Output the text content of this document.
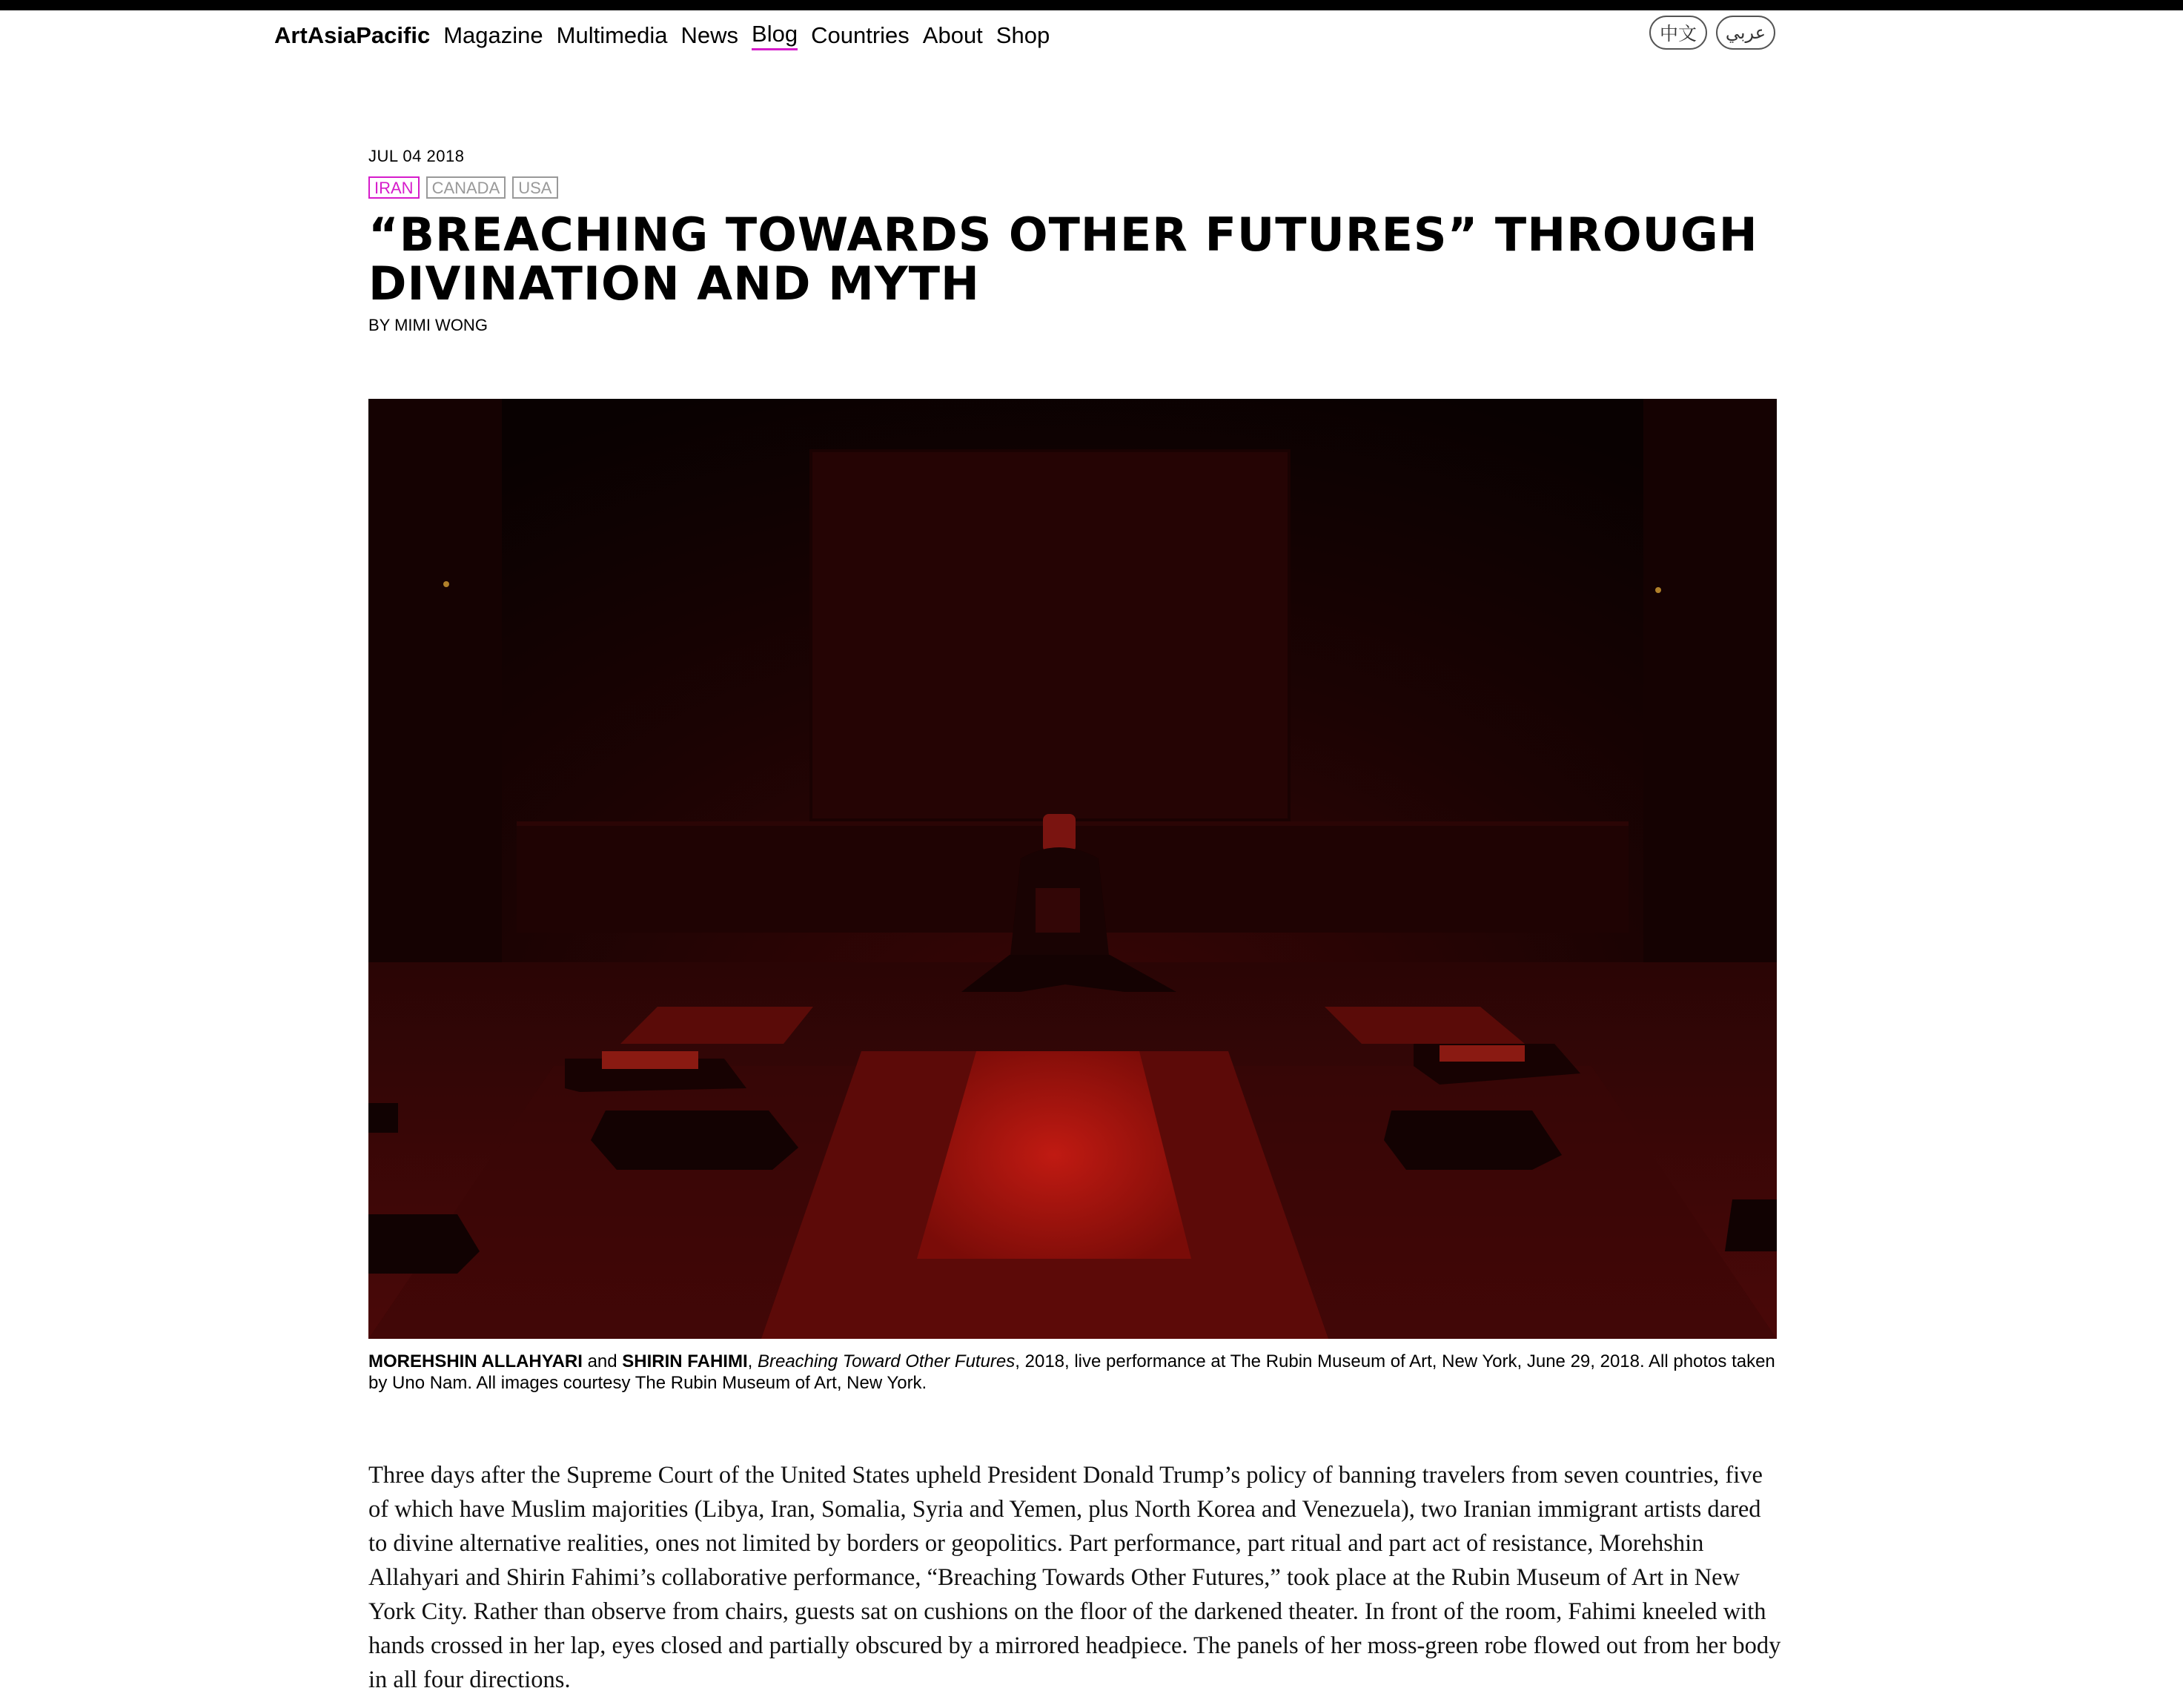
ArtAsiaPacific Magazine Multimedia News Blog Countries About Shop	中文	عربي
JUL 04 2018
IRAN	CANADA	USA
“BREACHING TOWARDS OTHER FUTURES” THROUGH DIVINATION AND MYTH
BY MIMI WONG
MOREHSHIN ALLAHYARI and SHIRIN FAHIMI, Breaching Toward Other Futures, 2018, live performance at The Rubin Museum of Art, New York, June 29, 2018. All photos taken by Uno Nam. All images courtesy The Rubin Museum of Art, New York.
Three days after the Supreme Court of the United States upheld President Donald Trump’s policy of banning travelers from seven countries, five of which have Muslim majorities (Libya, Iran, Somalia, Syria and Yemen, plus North Korea and Venezuela), two Iranian immigrant artists dared to divine alternative realities, ones not limited by borders or geopolitics. Part performance, part ritual and part act of resistance, Morehshin Allahyari and Shirin Fahimi’s collaborative performance, “Breaching Towards Other Futures,” took place at the Rubin Museum of Art in New York City. Rather than observe from chairs, guests sat on cushions on the floor of the darkened theater. In front of the room, Fahimi kneeled with hands crossed in her lap, eyes closed and partially obscured by a mirrored headpiece. The panels of her moss-green robe flowed out from her body in all four directions.
